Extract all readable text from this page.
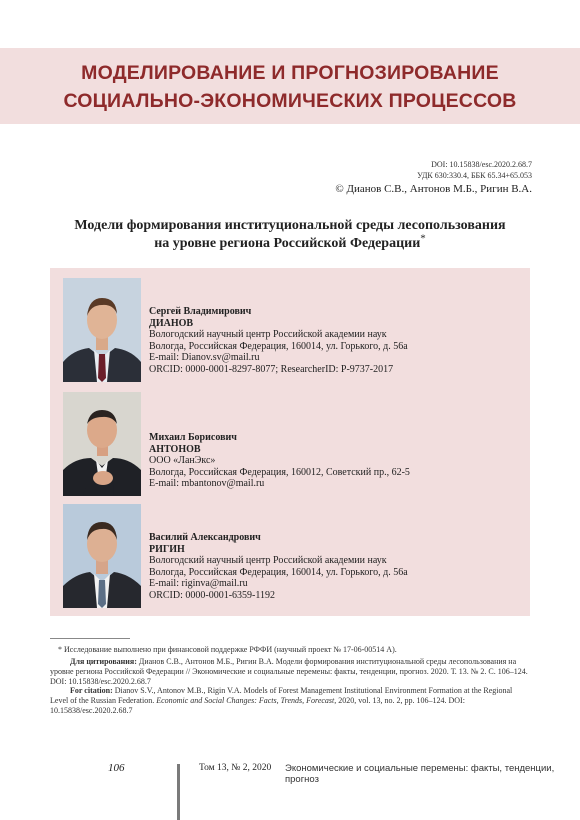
МОДЕЛИРОВАНИЕ И ПРОГНОЗИРОВАНИЕ
СОЦИАЛЬНО-ЭКОНОМИЧЕСКИХ ПРОЦЕССОВ
DOI: 10.15838/esc.2020.2.68.7
УДК 630:330.4, ББК 65.34+65.053
© Дианов С.В., Антонов М.Б., Ригин В.А.
Модели формирования институциональной среды лесопользования
на уровне региона Российской Федерации*
Сергей Владимирович
ДИАНОВ
Вологодский научный центр Российской академии наук
Вологда, Российская Федерация, 160014, ул. Горького, д. 56а
E-mail: Dianov.sv@mail.ru
ORCID: 0000-0001-8297-8077; ResearcherID: P-9737-2017
Михаил Борисович
АНТОНОВ
ООО «ЛанЭкс»
Вологда, Российская Федерация, 160012, Советский пр., 62-5
E-mail: mbantonov@mail.ru
Василий Александрович
РИГИН
Вологодский научный центр Российской академии наук
Вологда, Российская Федерация, 160014, ул. Горького, д. 56а
E-mail: riginva@mail.ru
ORCID: 0000-0001-6359-1192
* Исследование выполнено при финансовой поддержке РФФИ (научный проект № 17-06-00514 А).
Для цитирования: Дианов С.В., Антонов М.Б., Ригин В.А. Модели формирования институциональной среды лесопользования на уровне региона Российской Федерации // Экономические и социальные перемены: факты, тенденции, прогноз. 2020. Т. 13. № 2. С. 106–124. DOI: 10.15838/esc.2020.2.68.7
For citation: Dianov S.V., Antonov M.B., Rigin V.A. Models of Forest Management Institutional Environment Formation at the Regional Level of the Russian Federation. Economic and Social Changes: Facts, Trends, Forecast, 2020, vol. 13, no. 2, pp. 106–124. DOI: 10.15838/esc.2020.2.68.7
106	Том 13, № 2, 2020 Экономические и социальные перемены: факты, тенденции, прогноз
